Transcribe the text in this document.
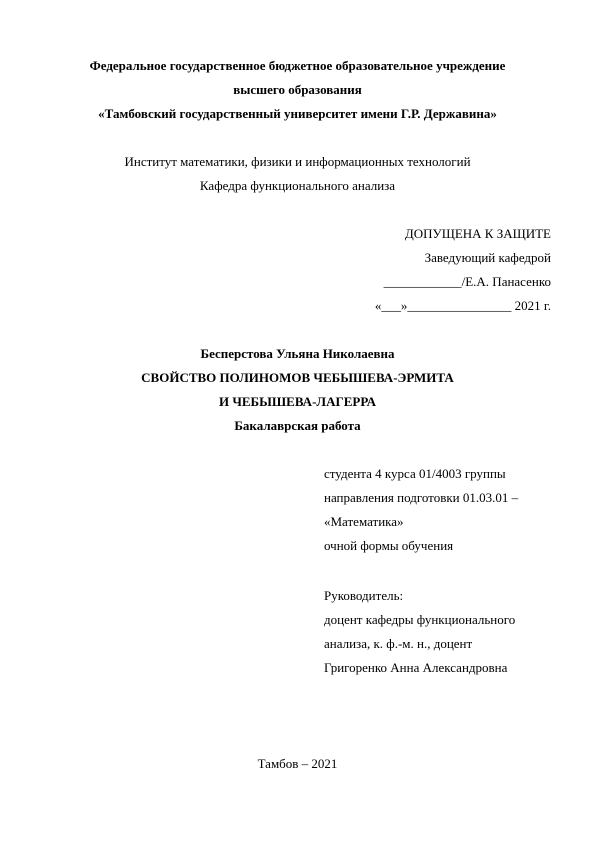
Федеральное государственное бюджетное образовательное учреждение
высшего образования
«Тамбовский государственный университет имени Г.Р. Державина»
Институт математики, физики и информационных технологий
Кафедра функционального анализа
ДОПУЩЕНА К ЗАЩИТЕ
Заведующий кафедрой
____________/Е.А. Панасенко
«___»________________ 2021 г.
Бесперстова Ульяна Николаевна
СВОЙСТВО ПОЛИНОМОВ ЧЕБЫШЕВА-ЭРМИТА
И ЧЕБЫШЕВА-ЛАГЕРРА
Бакалаврская работа
студента 4 курса 01/4003 группы
направления подготовки 01.03.01 –
«Математика»
очной формы обучения
Руководитель:
доцент кафедры функционального
анализа, к. ф.-м. н., доцент
Григоренко Анна Александровна
Тамбов – 2021
